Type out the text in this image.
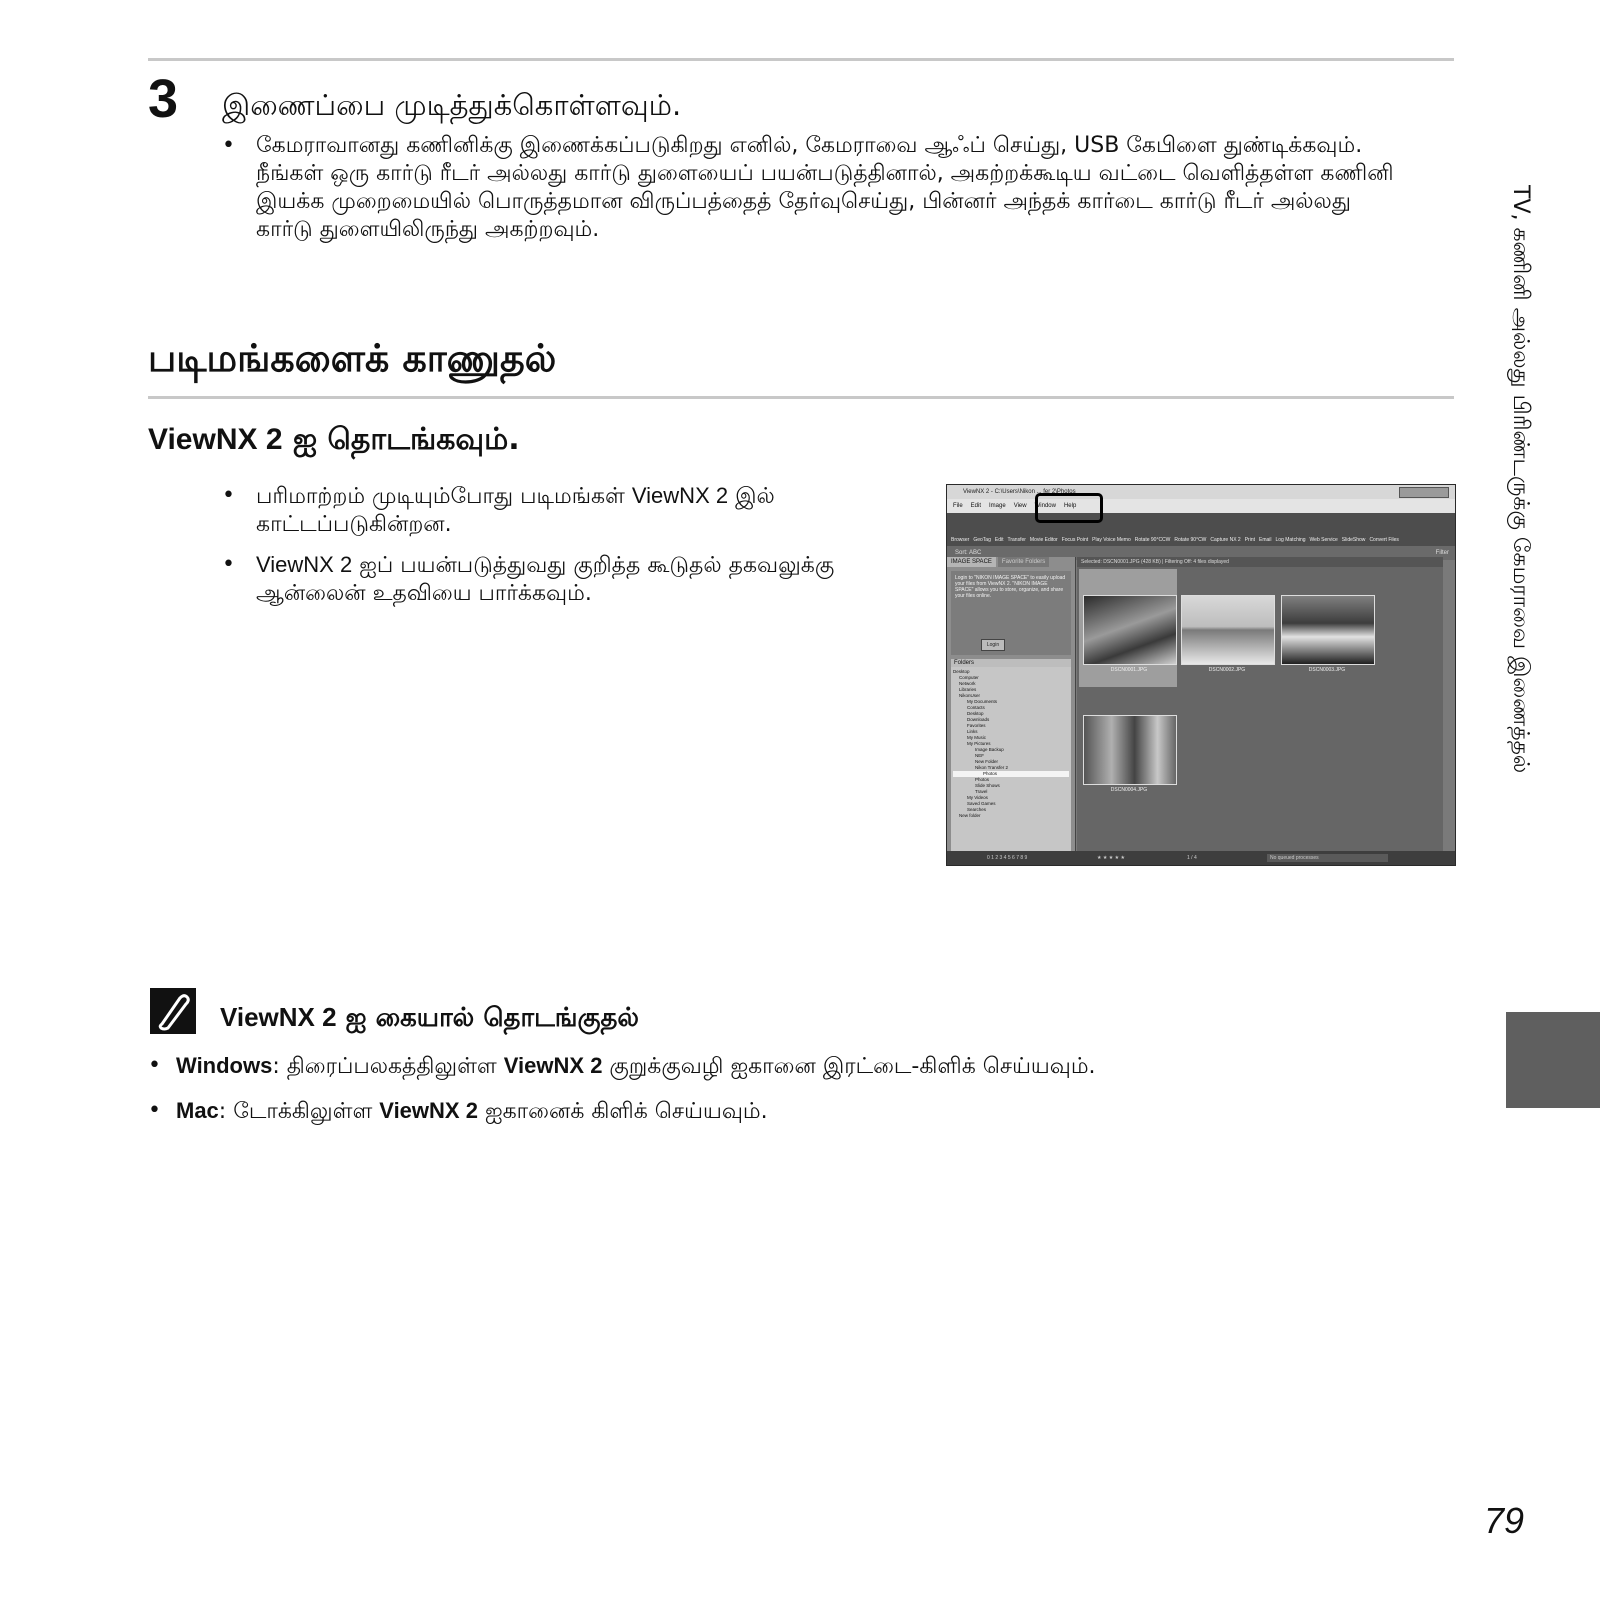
3 இணைப்பை முடித்துக்கொள்ளவும்.
• கேமராவானது கணினிக்கு இணைக்கப்படுகிறது எனில், கேமராவை ஆஃப் செய்து, USB கேபிளை துண்டிக்கவும். நீங்கள் ஒரு கார்டு ரீடர் அல்லது கார்டு துளையைப் பயன்படுத்தினால், அகற்றக்கூடிய வட்டை வெளித்தள்ள கணினி இயக்க முறைமையில் பொருத்தமான விருப்பத்தைத் தேர்வுசெய்து, பின்னர் அந்தக் கார்டை கார்டு ரீடர் அல்லது கார்டு துளையிலிருந்து அகற்றவும்.
படிமங்களைக் காணுதல்
ViewNX 2 ஐ தொடங்கவும்.
• பரிமாற்றம் முடியும்போது படிமங்கள் ViewNX 2 இல் காட்டப்படுகின்றன.
• ViewNX 2 ஐப் பயன்படுத்துவது குறித்த கூடுதல் தகவலுக்கு ஆன்லைன் உதவியை பார்க்கவும்.
ViewNX 2 - C:\Users\Nikon ... fer 2\Photos
File Edit Image View Window Help
Browser GeoTag Edit Transfer Movie Editor Focus Point Play Voice Memo Rotate 90°CCW Rotate 90°CW Capture NX 2 Print Email Log Matching Web Service SlideShow Convert Files
Sort: ABC	Filter
IMAGE SPACE	Favorite Folders
Login to "NIKON IMAGE SPACE" to easily upload your files from ViewNX 2. "NIKON IMAGE SPACE" allows you to store, organize, and share your files online.
Login
Folders
Desktop
Computer
Network
Libraries
NikonUser
My Documents
Contacts
Desktop
Downloads
Favorites
Links
My Music
My Pictures
Image Backup
NEF
New Folder
Nikon Transfer 2
Photos
Photos
Slide Shows
Travel
My Videos
Saved Games
Searches
New folder
Selected: DSCN0001.JPG (428 KB) | Filtering Off: 4 files displayed
DSCN0001.JPG	DSCN0002.JPG	DSCN0003.JPG
DSCN0004.JPG
0 1 2 3 4 5 6 7 8 9	★ ★ ★ ★ ★	1 / 4	No queued processes
ViewNX 2 ஐ கையால் தொடங்குதல்
• Windows: திரைப்பலகத்திலுள்ள ViewNX 2 குறுக்குவழி ஐகானை இரட்டை-கிளிக் செய்யவும்.
• Mac: டோக்கிலுள்ள ViewNX 2 ஐகானைக் கிளிக் செய்யவும்.
TV, கணினி அல்லது பிரிண்டருக்கு கேமராவை இணைத்தல்
79
